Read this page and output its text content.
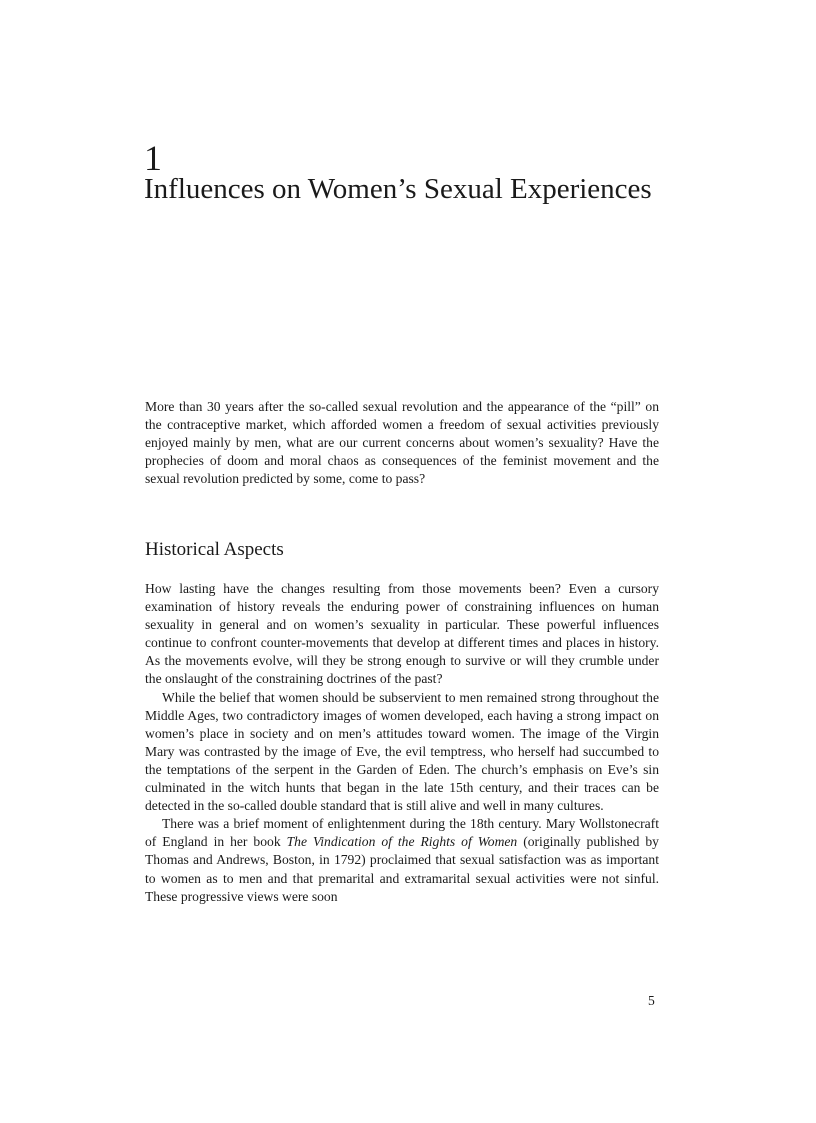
1
Influences on Women’s Sexual Experiences

More than 30 years after the so-called sexual revolution and the appearance of the “pill” on the contraceptive market, which afforded women a freedom of sexual activities previously enjoyed mainly by men, what are our current concerns about women’s sexuality? Have the prophecies of doom and moral chaos as consequences of the feminist movement and the sexual revolution predicted by some, come to pass?

Historical Aspects

How lasting have the changes resulting from those movements been? Even a cursory examination of history reveals the enduring power of constraining influences on human sexuality in general and on women’s sexuality in particular. These powerful influences continue to confront counter-movements that develop at different times and places in history. As the movements evolve, will they be strong enough to survive or will they crumble under the onslaught of the constraining doctrines of the past?

While the belief that women should be subservient to men remained strong throughout the Middle Ages, two contradictory images of women developed, each having a strong impact on women’s place in society and on men’s attitudes toward women. The image of the Virgin Mary was contrasted by the image of Eve, the evil temptress, who herself had succumbed to the temptations of the serpent in the Garden of Eden. The church’s emphasis on Eve’s sin culminated in the witch hunts that began in the late 15th century, and their traces can be detected in the so-called double standard that is still alive and well in many cultures.

There was a brief moment of enlightenment during the 18th century. Mary Wollstonecraft of England in her book The Vindication of the Rights of Women (originally published by Thomas and Andrews, Boston, in 1792) proclaimed that sexual satisfaction was as important to women as to men and that premarital and extramarital sexual activities were not sinful. These progressive views were soon

5
